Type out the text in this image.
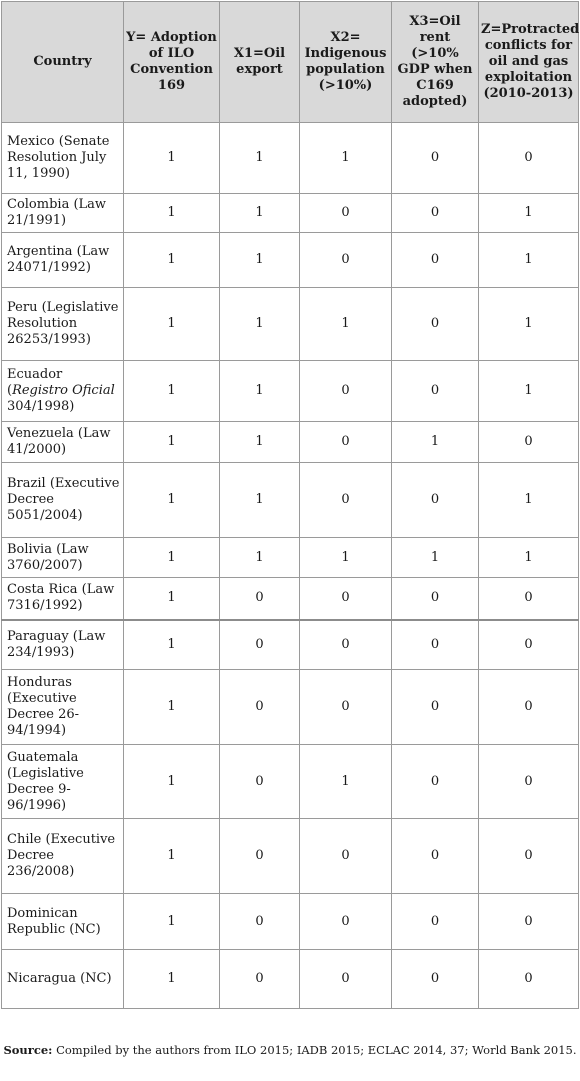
Country	Y= Adoption of ILO Convention 169	X1=Oil export	X2= Indigenous population (>10%)	X3=Oil rent (>10% GDP when C169 adopted)	Z=Protracted conflicts for oil and gas exploitation (2010-2013)
Mexico (Senate Resolution July 11, 1990)	1	1	1	0	0
Colombia (Law 21/1991)	1	1	0	0	1
Argentina (Law 24071/1992)	1	1	0	0	1
Peru (Legislative Resolution 26253/1993)	1	1	1	0	1
Ecuador (Registro Oficial 304/1998)	1	1	0	0	1
Venezuela (Law 41/2000)	1	1	0	1	0
Brazil (Executive Decree 5051/2004)	1	1	0	0	1
Bolivia (Law 3760/2007)	1	1	1	1	1
Costa Rica (Law 7316/1992)	1	0	0	0	0
Paraguay (Law 234/1993)	1	0	0	0	0
Honduras (Executive Decree 26-94/1994)	1	0	0	0	0
Guatemala (Legislative Decree 9-96/1996)	1	0	1	0	0
Chile (Executive Decree 236/2008)	1	0	0	0	0
Dominican Republic (NC)	1	0	0	0	0
Nicaragua (NC)	1	0	0	0	0
Source: Compiled by the authors from ILO 2015; IADB 2015; ECLAC 2014, 37; World Bank 2015.
